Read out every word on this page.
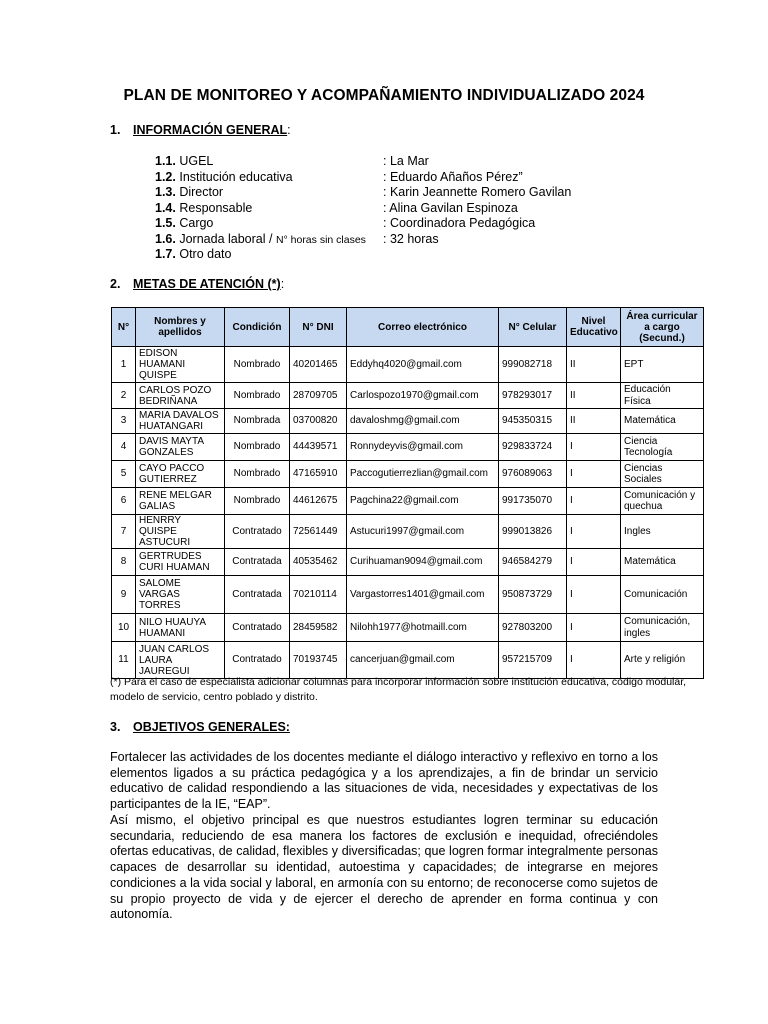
PLAN DE MONITOREO Y ACOMPAÑAMIENTO INDIVIDUALIZADO 2024
1. INFORMACIÓN GENERAL:
1.1. UGEL	: La Mar
1.2. Institución educativa	: Eduardo Añaños Pérez”
1.3. Director	: Karin Jeannette Romero Gavilan
1.4. Responsable	: Alina Gavilan Espinoza
1.5. Cargo	: Coordinadora Pedagógica
1.6. Jornada laboral / N° horas sin clases : 32 horas
1.7. Otro dato
2. METAS DE ATENCIÓN (*):
N°	Nombres y apellidos	Condición	N° DNI	Correo electrónico	N° Celular	Nivel Educativo	Área curricular a cargo (Secund.)
1	EDISON HUAMANI QUISPE	Nombrado	40201465	Eddyhq4020@gmail.com	999082718	II	EPT
2	CARLOS POZO BEDRIÑANA	Nombrado	28709705	Carlospozo1970@gmail.com	978293017	II	Educación Física
3	MARIA DAVALOS HUATANGARI	Nombrada	03700820	davaloshmg@gmail.com	945350315	II	Matemática
4	DAVIS MAYTA GONZALES	Nombrado	44439571	Ronnydeyvis@gmail.com	929833724	I	Ciencia Tecnología
5	CAYO PACCO GUTIERREZ	Nombrado	47165910	Paccogutierrezlian@gmail.com	976089063	I	Ciencias Sociales
6	RENE MELGAR GALIAS	Nombrado	44612675	Pagchina22@gmail.com	991735070	I	Comunicación y quechua
7	HENRRY QUISPE ASTUCURI	Contratado	72561449	Astucuri1997@gmail.com	999013826	I	Ingles
8	GERTRUDES CURI HUAMAN	Contratada	40535462	Curihuaman9094@gmail.com	946584279	I	Matemática
9	SALOME VARGAS TORRES	Contratada	70210114	Vargastorres1401@gmail.com	950873729	I	Comunicación
10	NILO HUAUYA HUAMANI	Contratado	28459582	Nilohh1977@hotmaill.com	927803200	I	Comunicación, ingles
11	JUAN CARLOS LAURA JAUREGUI	Contratado	70193745	cancerjuan@gmail.com	957215709	I	Arte y religión
(*) Para el caso de especialista adicionar columnas para incorporar información sobre institución educativa, código modular, modelo de servicio, centro poblado y distrito.
3. OBJETIVOS GENERALES:
Fortalecer las actividades de los docentes mediante el diálogo interactivo y reflexivo en torno a los elementos ligados a su práctica pedagógica y a los aprendizajes, a fin de brindar un servicio educativo de calidad respondiendo a las situaciones de vida, necesidades y expectativas de los participantes de la IE, “EAP”.
Así mismo, el objetivo principal es que nuestros estudiantes logren terminar su educación secundaria, reduciendo de esa manera los factores de exclusión e inequidad, ofreciéndoles ofertas educativas, de calidad, flexibles y diversificadas; que logren formar integralmente personas capaces de desarrollar su identidad, autoestima y capacidades; de integrarse en mejores condiciones a la vida social y laboral, en armonía con su entorno; de reconocerse como sujetos de su propio proyecto de vida y de ejercer el derecho de aprender en forma continua y con autonomía.
